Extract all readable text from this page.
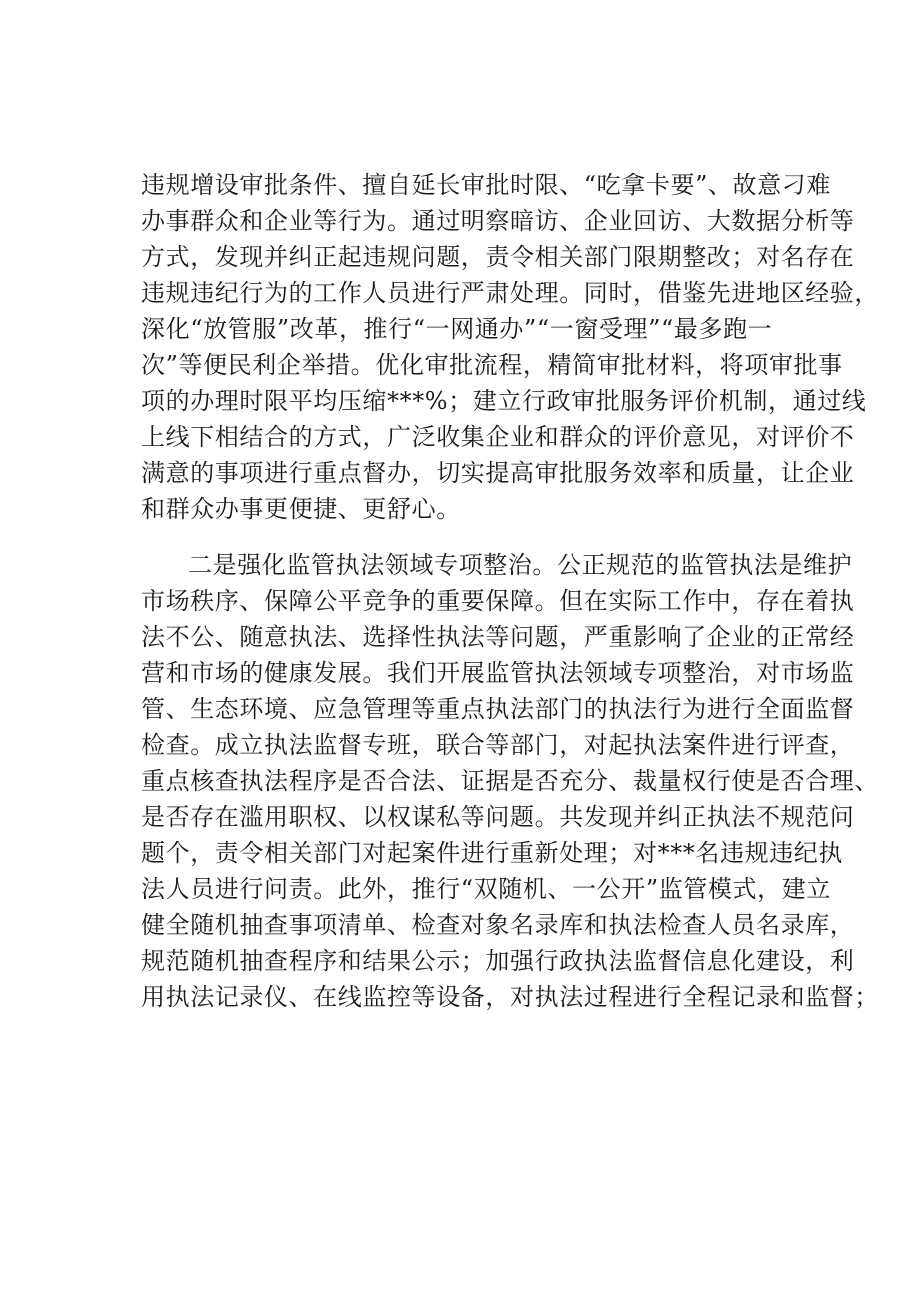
违规增设审批条件、擅自延长审批时限、“吃拿卡要”、故意刁难
办事群众和企业等行为。通过明察暗访、企业回访、大数据分析等
方式，发现并纠正起违规问题，责令相关部门限期整改；对名存在
违规违纪行为的工作人员进行严肃处理。同时，借鉴先进地区经验，
深化“放管服”改革，推行“一网通办”“一窗受理”“最多跑一
次”等便民利企举措。优化审批流程，精简审批材料，将项审批事
项的办理时限平均压缩***%；建立行政审批服务评价机制，通过线
上线下相结合的方式，广泛收集企业和群众的评价意见，对评价不
满意的事项进行重点督办，切实提高审批服务效率和质量，让企业
和群众办事更便捷、更舒心。
二是强化监管执法领域专项整治。公正规范的监管执法是维护
市场秩序、保障公平竞争的重要保障。但在实际工作中，存在着执
法不公、随意执法、选择性执法等问题，严重影响了企业的正常经
营和市场的健康发展。我们开展监管执法领域专项整治，对市场监
管、生态环境、应急管理等重点执法部门的执法行为进行全面监督
检查。成立执法监督专班，联合等部门，对起执法案件进行评查，
重点核查执法程序是否合法、证据是否充分、裁量权行使是否合理、
是否存在滥用职权、以权谋私等问题。共发现并纠正执法不规范问
题个，责令相关部门对起案件进行重新处理；对***名违规违纪执
法人员进行问责。此外，推行“双随机、一公开”监管模式，建立
健全随机抽查事项清单、检查对象名录库和执法检查人员名录库，
规范随机抽查程序和结果公示；加强行政执法监督信息化建设，利
用执法记录仪、在线监控等设备，对执法过程进行全程记录和监督；
